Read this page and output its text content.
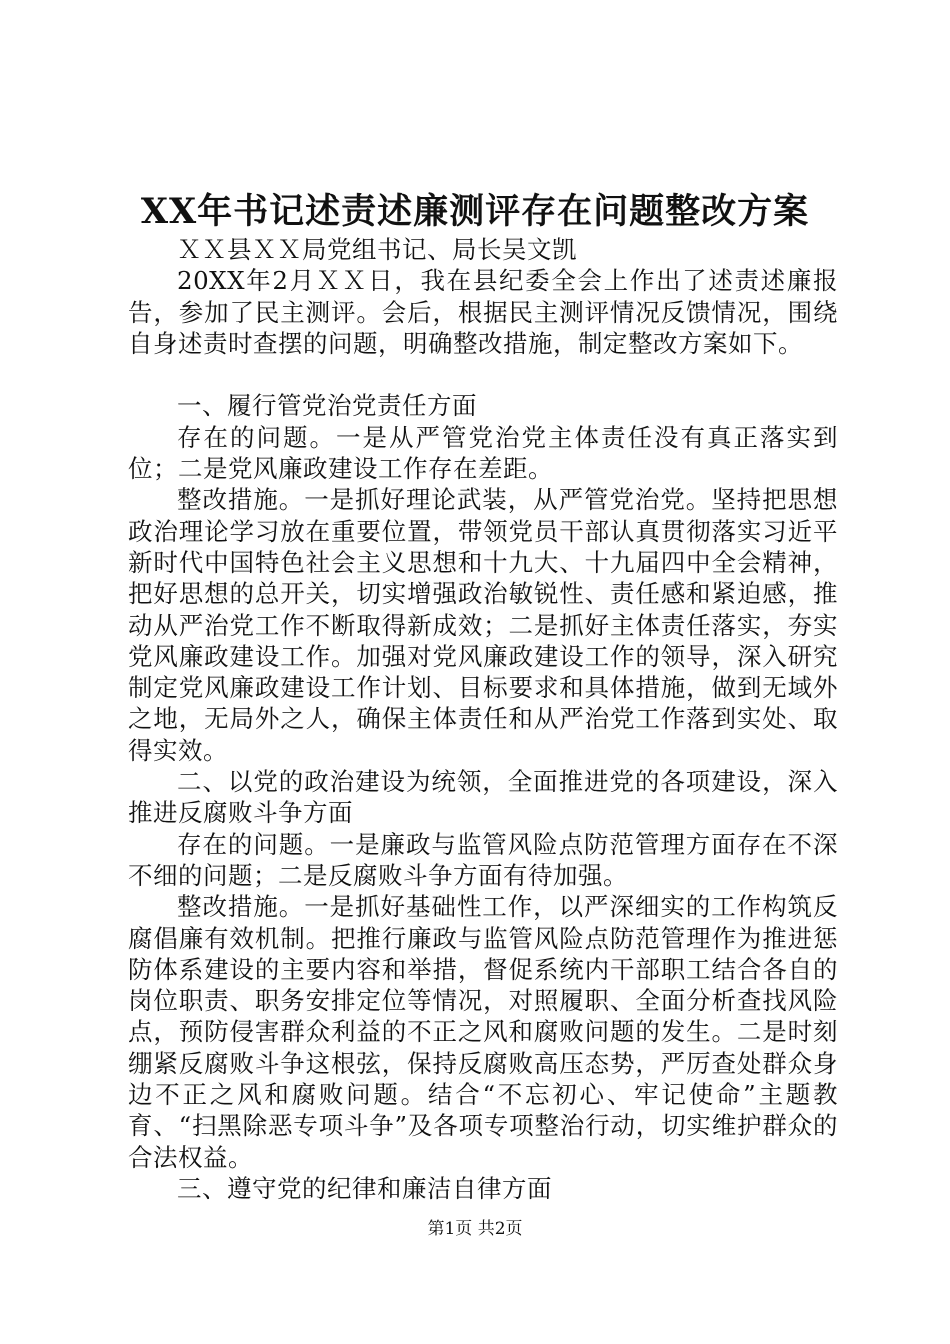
XX年书记述责述廉测评存在问题整改方案

ＸＸ县ＸＸ局党组书记、局长吴文凯

20XX年2月ＸＸ日，我在县纪委全会上作出了述责述廉报告，参加了民主测评。会后，根据民主测评情况反馈情况，围绕自身述责时查摆的问题，明确整改措施，制定整改方案如下。

一、履行管党治党责任方面

存在的问题。一是从严管党治党主体责任没有真正落实到位；二是党风廉政建设工作存在差距。

整改措施。一是抓好理论武装，从严管党治党。坚持把思想政治理论学习放在重要位置，带领党员干部认真贯彻落实习近平新时代中国特色社会主义思想和十九大、十九届四中全会精神，把好思想的总开关，切实增强政治敏锐性、责任感和紧迫感，推动从严治党工作不断取得新成效；二是抓好主体责任落实，夯实党风廉政建设工作。加强对党风廉政建设工作的领导，深入研究制定党风廉政建设工作计划、目标要求和具体措施，做到无域外之地，无局外之人，确保主体责任和从严治党工作落到实处、取得实效。

二、以党的政治建设为统领，全面推进党的各项建设，深入推进反腐败斗争方面

存在的问题。一是廉政与监管风险点防范管理方面存在不深不细的问题；二是反腐败斗争方面有待加强。

整改措施。一是抓好基础性工作，以严深细实的工作构筑反腐倡廉有效机制。把推行廉政与监管风险点防范管理作为推进惩防体系建设的主要内容和举措，督促系统内干部职工结合各自的岗位职责、职务安排定位等情况，对照履职、全面分析查找风险点，预防侵害群众利益的不正之风和腐败问题的发生。二是时刻绷紧反腐败斗争这根弦，保持反腐败高压态势，严厉查处群众身边不正之风和腐败问题。结合“不忘初心、牢记使命”主题教育、“扫黑除恶专项斗争”及各项专项整治行动，切实维护群众的合法权益。

三、遵守党的纪律和廉洁自律方面

第1页 共2页
